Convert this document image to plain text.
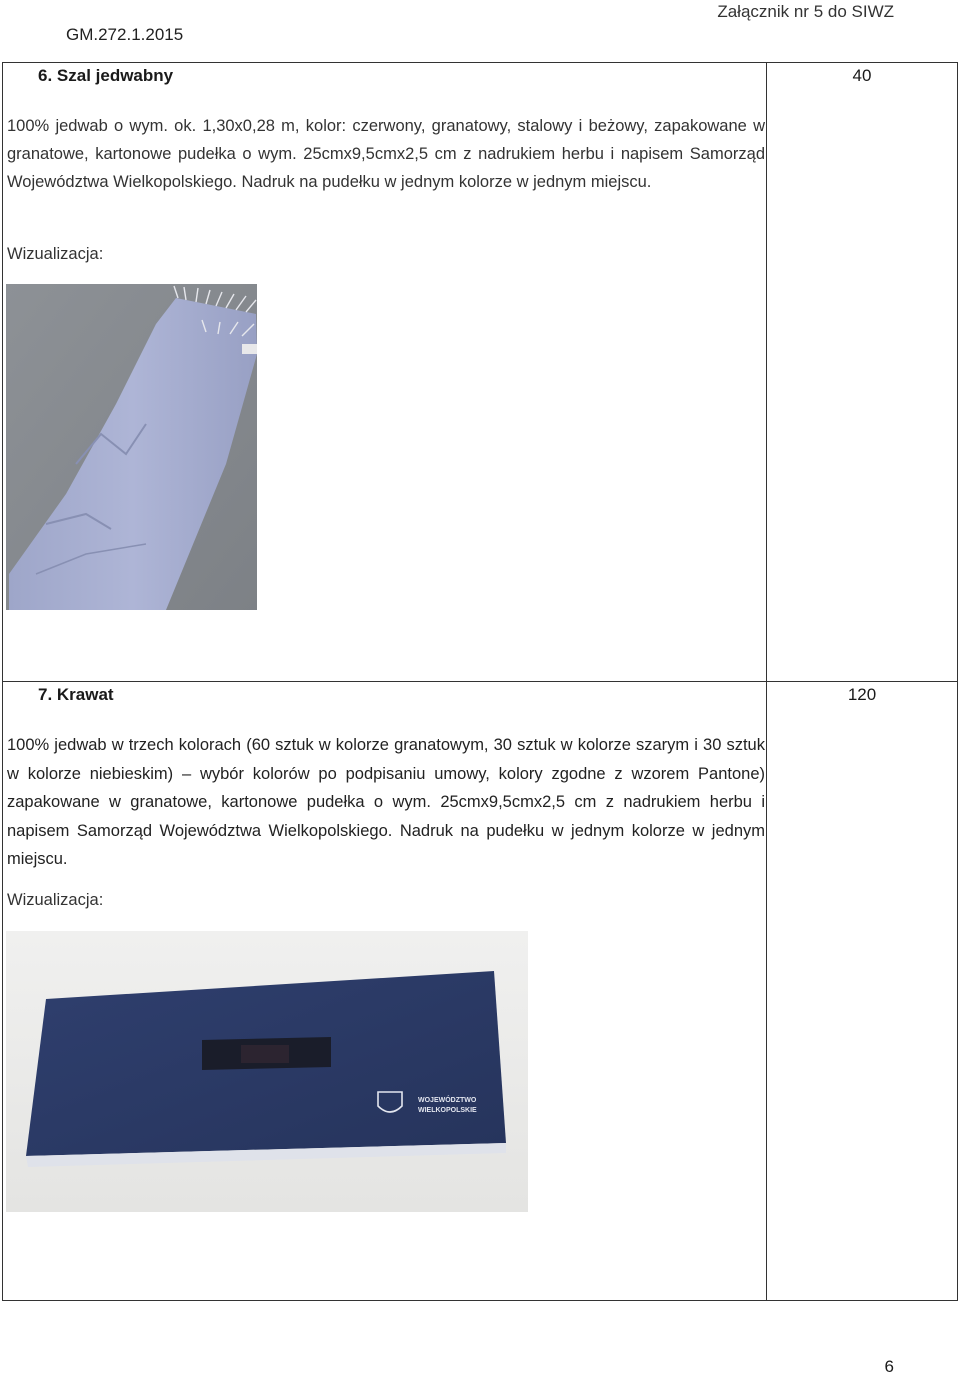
GM.272.1.2015
Załącznik nr 5 do SIWZ
6. Szal jedwabny	40
100% jedwab o wym. ok. 1,30x0,28 m, kolor: czerwony, granatowy, stalowy i beżowy, zapakowane w granatowe, kartonowe pudełka o wym. 25cmx9,5cmx2,5 cm z nadrukiem herbu i napisem Samorząd Województwa Wielkopolskiego. Nadruk na pudełku w jednym kolorze w jednym miejscu.
Wizualizacja:
7. Krawat	120
100% jedwab w trzech kolorach (60 sztuk w kolorze granatowym, 30 sztuk w kolorze szarym i 30 sztuk w kolorze niebieskim) – wybór kolorów po podpisaniu umowy, kolory zgodne z wzorem Pantone) zapakowane w granatowe, kartonowe pudełka o wym. 25cmx9,5cmx2,5 cm z nadrukiem herbu i napisem Samorząd Województwa Wielkopolskiego. Nadruk na pudełku w jednym kolorze w jednym miejscu.
Wizualizacja:
WOJEWÓDZTWO
WIELKOPOLSKIE
6
